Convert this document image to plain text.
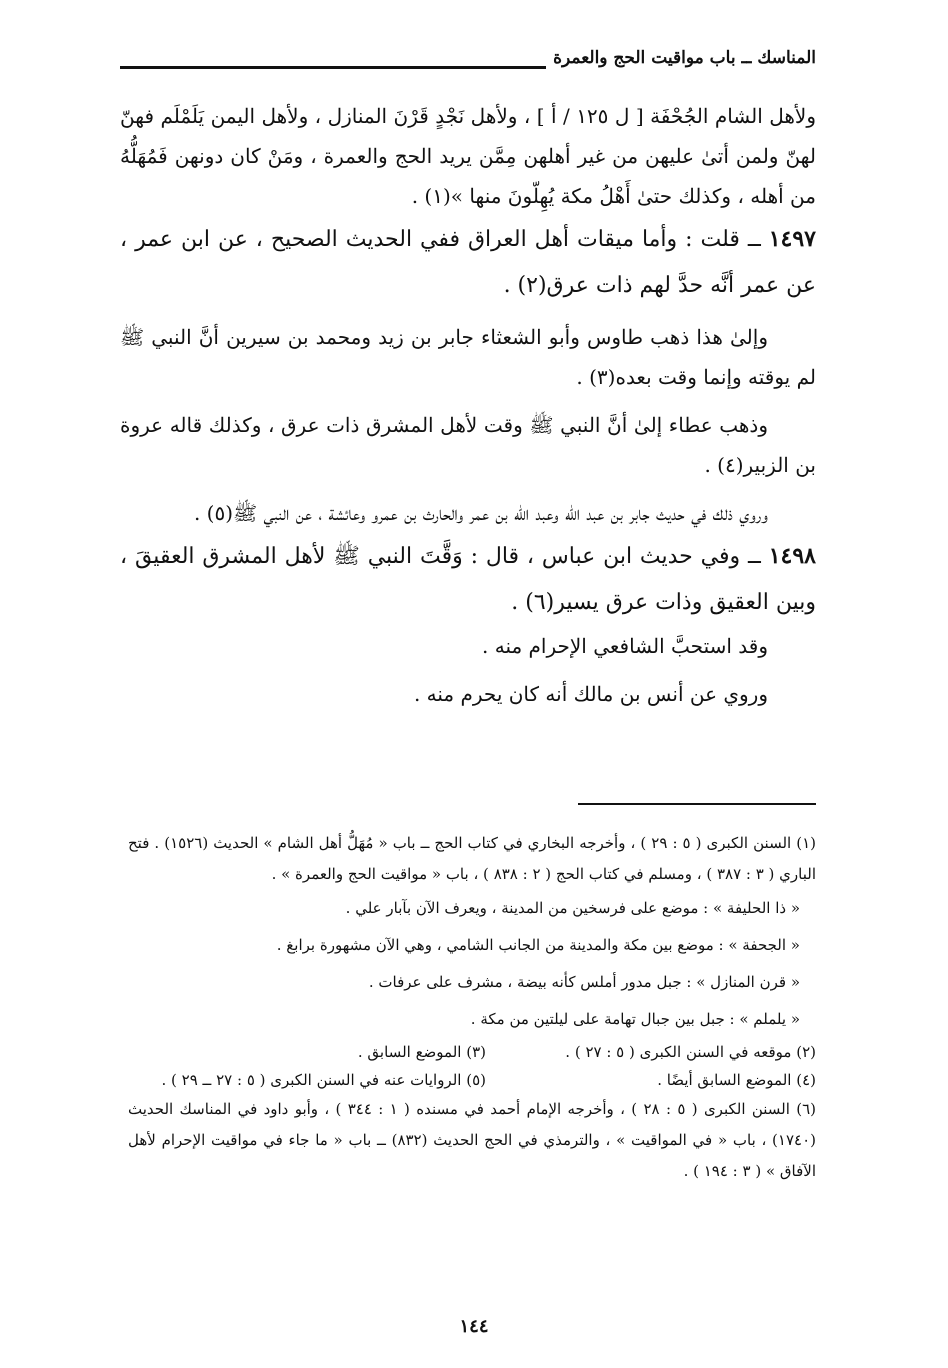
المناسك ــ باب مواقيت الحج والعمرة

ولأهل الشام الجُحْفَة [ ل ١٢٥ / أ ] ، ولأهل نَجْدٍ قَرْنَ المنازل ، ولأهل اليمن يَلَمْلَم فهنّ لهنّ ولمن أتىٰ عليهن من غير أهلهن مِمَّن يريد الحج والعمرة ، ومَنْ كان دونهن فَمُهَلُّهُ من أهله ، وكذلك حتىٰ أَهْلُ مكة يُهِلّونَ منها »(١) .

١٤٩٧ ــ قلت : وأما ميقات أهل العراق ففي الحديث الصحيح ، عن ابن عمر ، عن عمر أنَّه حدَّ لهم ذات عرق(٢) .

وإلىٰ هذا ذهب طاوس وأبو الشعثاء جابر بن زيد ومحمد بن سيرين أنَّ النبي ﷺ لم يوقته وإنما وقت بعده(٣) .

وذهب عطاء إلىٰ أنَّ النبي ﷺ وقت لأهل المشرق ذات عرق ، وكذلك قاله عروة بن الزبير(٤) .

وروي ذلك في حديث جابر بن عبد الله وعبد الله بن عمر والحارث بن عمرو وعائشة ، عن النبي ﷺ(٥) .

١٤٩٨ ــ وفي حديث ابن عباس ، قال : وَقَّتَ النبي ﷺ لأهل المشرق العقيقَ ، وبين العقيق وذات عرق يسير(٦) .

وقد استحبَّ الشافعي الإحرام منه .

وروي عن أنس بن مالك أنه كان يحرم منه .

(١) السنن الكبرى ( ٥ : ٢٩ ) ، وأخرجه البخاري في كتاب الحج ــ باب « مُهَلُّ أهل الشام » الحديث (١٥٢٦) . فتح الباري ( ٣ : ٣٨٧ ) ، ومسلم في كتاب الحج ( ٢ : ٨٣٨ ) ، باب « مواقيت الحج والعمرة » .

« ذا الحليفة » : موضع على فرسخين من المدينة ، ويعرف الآن بآبار علي .

« الجحفة » : موضع بين مكة والمدينة من الجانب الشامي ، وهي الآن مشهورة برابغ .

« قرن المنازل » : جبل مدور أملس كأنه بيضة ، مشرف على عرفات .

« يلملم » : جبل بين جبال تهامة على ليلتين من مكة .

(٢) موقعه في السنن الكبرى ( ٥ : ٢٧ ) .
(٣) الموضع السابق .
(٤) الموضع السابق أيضًا .
(٥) الروايات عنه في السنن الكبرى ( ٥ : ٢٧ ــ ٢٩ ) .

(٦) السنن الكبرى ( ٥ : ٢٨ ) ، وأخرجه الإمام أحمد في مسنده ( ١ : ٣٤٤ ) ، وأبو داود في المناسك الحديث (١٧٤٠) ، باب « في المواقيت » ، والترمذي في الحج الحديث (٨٣٢) ــ باب « ما جاء في مواقيت الإحرام لأهل الآفاق » ( ٣ : ١٩٤ ) .

١٤٤
